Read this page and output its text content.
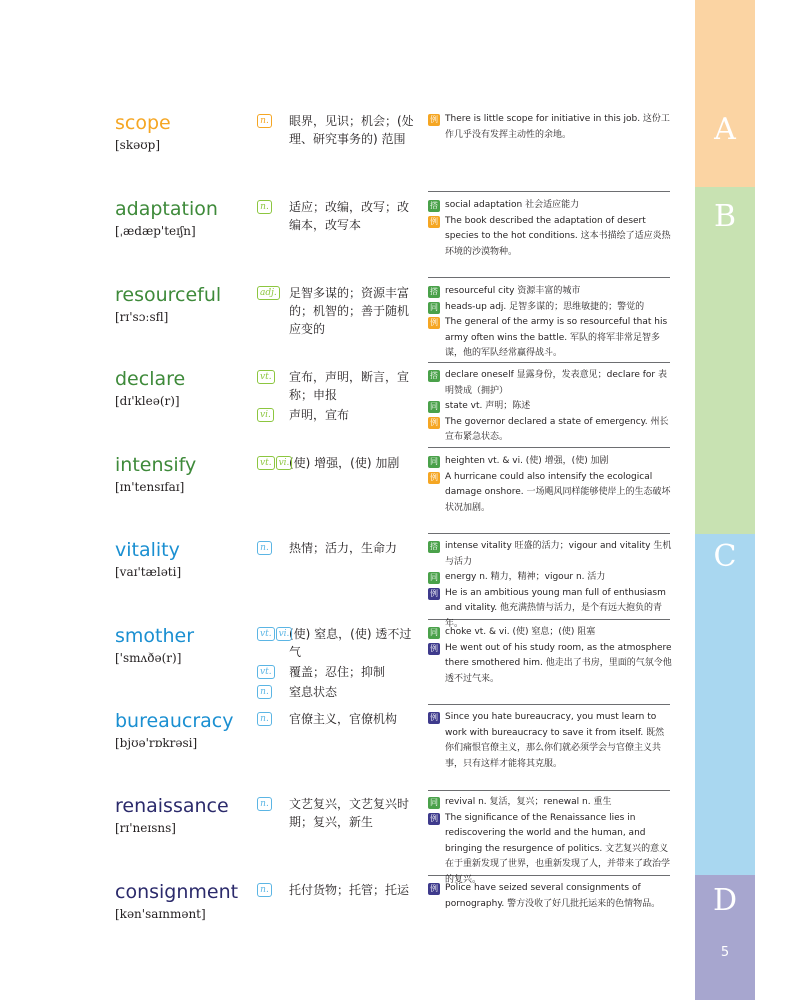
A
B
C
D
5
scope
[skəʊp]
n. 眼界，见识；机会；(处理、研究事务的) 范围
例 There is little scope for initiative in this job. 这份工作几乎没有发挥主动性的余地。
adaptation
[ˌædæp'teɪʃn]
n. 适应；改编，改写；改编本，改写本
搭 social adaptation 社会适应能力
例 The book described the adaptation of desert species to the hot conditions. 这本书描绘了适应炎热环境的沙漠物种。
resourceful
[rɪ'sɔːsfl]
adj. 足智多谋的；资源丰富的；机智的；善于随机应变的
搭 resourceful city 资源丰富的城市
同 heads-up adj. 足智多谋的；思维敏捷的；警觉的
例 The general of the army is so resourceful that his army often wins the battle. 军队的将军非常足智多谋，他的军队经常赢得战斗。
declare
[dɪ'kleə(r)]
vt. 宣布，声明，断言，宣称；申报
vi. 声明，宣布
搭 declare oneself 显露身份，发表意见；declare for 表明赞成（拥护）
同 state vt. 声明；陈述
例 The governor declared a state of emergency. 州长宣布紧急状态。
intensify
[ɪn'tensɪfaɪ]
vt. vi. (使) 增强，(使) 加剧	同 heighten vt. & vi. (使) 增强，(使) 加剧
例 A hurricane could also intensify the ecological damage onshore. 一场飓风同样能够使岸上的生态破坏状况加剧。
vitality
[vaɪ'tæləti]
n. 热情；活力，生命力	搭 intense vitality 旺盛的活力；vigour and vitality 生机与活力
同 energy n. 精力，精神；vigour n. 活力
例 He is an ambitious young man full of enthusiasm and vitality. 他充满热情与活力，是个有远大抱负的青年。
smother
['smʌðə(r)]
vt. vi. (使) 窒息，(使) 透不过气
vt. 覆盖；忍住；抑制
n. 窒息状态
同 choke vt. & vi. (使) 窒息；(使) 阻塞
例 He went out of his study room, as the atmosphere there smothered him. 他走出了书房，里面的气氛令他透不过气来。
bureaucracy
[bjʊə'rɒkrəsi]
n. 官僚主义，官僚机构	例 Since you hate bureaucracy, you must learn to work with bureaucracy to save it from itself. 既然你们痛恨官僚主义，那么你们就必须学会与官僚主义共事，只有这样才能将其克服。
renaissance
[rɪ'neɪsns]
n. 文艺复兴，文艺复兴时期；复兴，新生
同 revival n. 复活，复兴；renewal n. 重生
例 The significance of the Renaissance lies in rediscovering the world and the human, and bringing the resurgence of politics. 文艺复兴的意义在于重新发现了世界，也重新发现了人，并带来了政治学的复兴。
consignment
[kən'saɪnmənt]
n. 托付货物；托管；托运	例 Police have seized several consignments of pornography. 警方没收了好几批托运来的色情物品。
